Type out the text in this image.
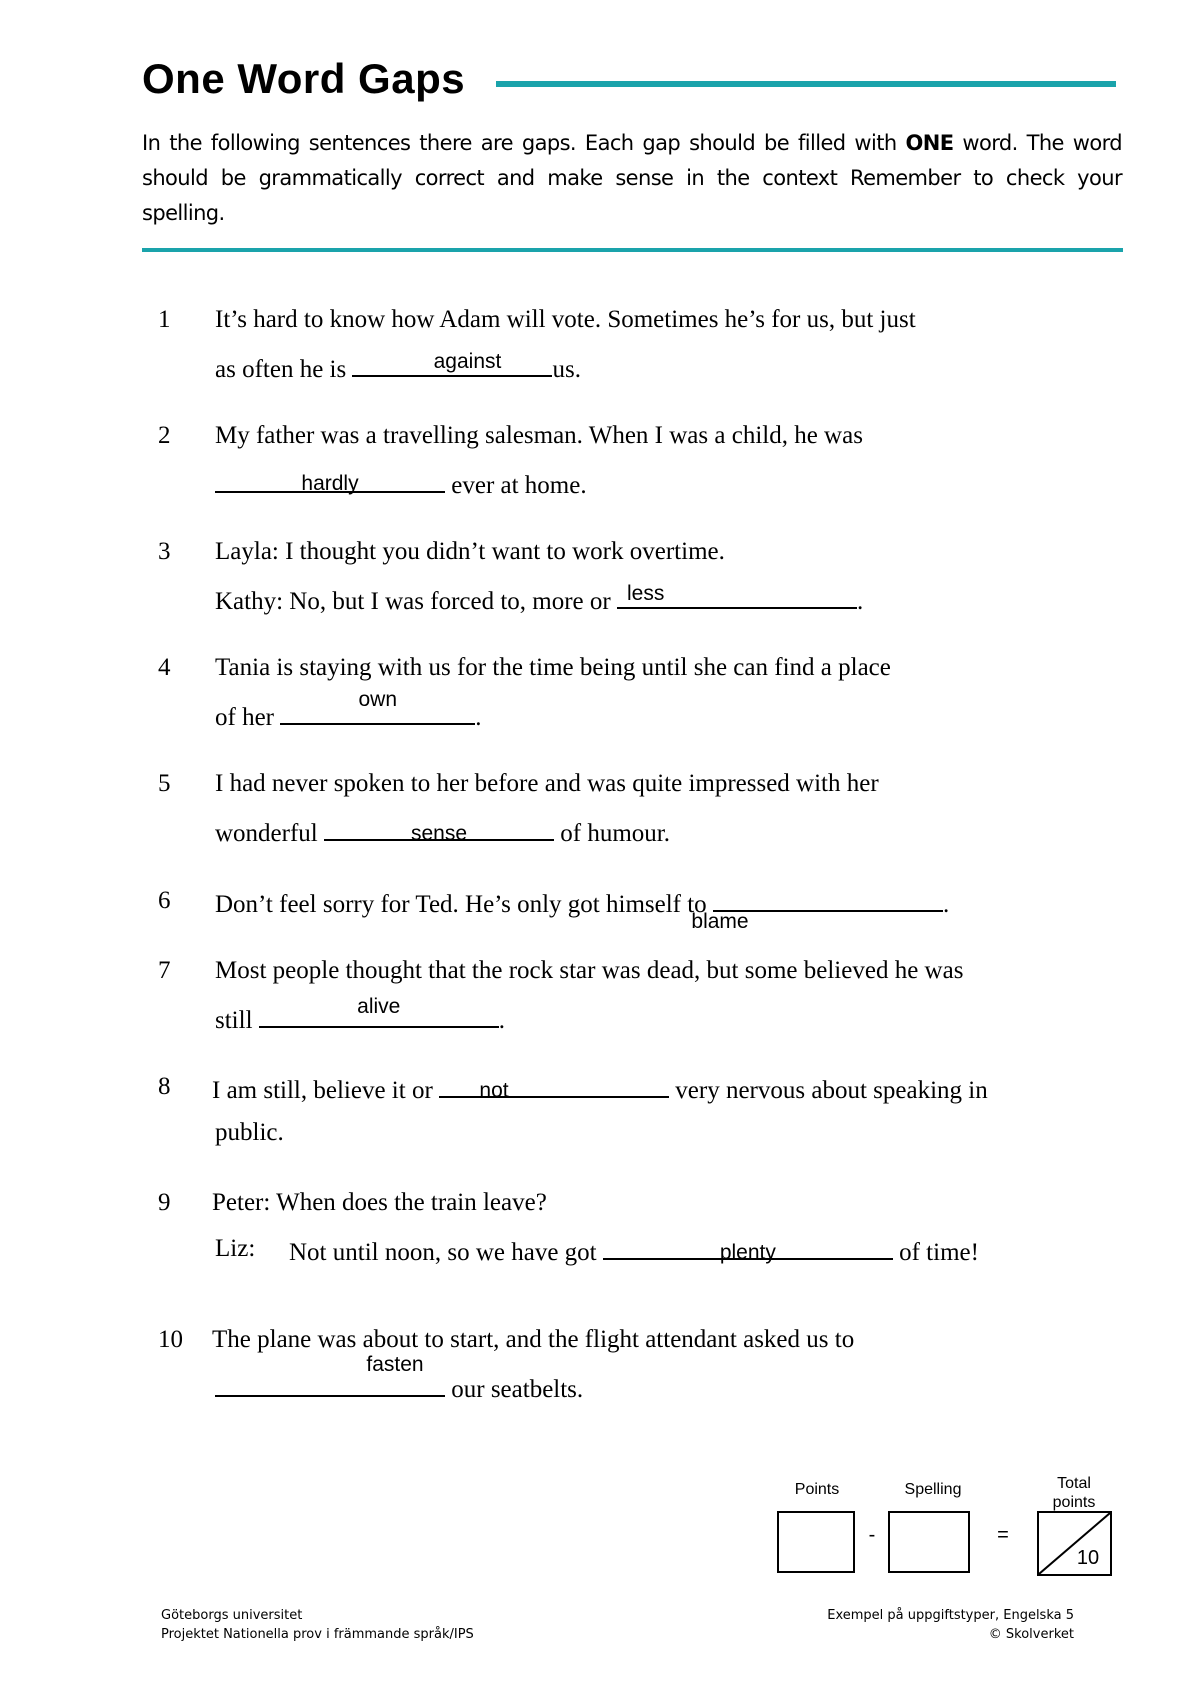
One Word Gaps
In the following sentences there are gaps. Each gap should be filled with ONE word. The word should be grammatically correct and make sense in the context Remember to check your spelling.
1	It’s hard to know how Adam will vote. Sometimes he’s for us, but just
as often he is	against	us.
2	My father was a travelling salesman. When I was a child, he was
hardly	ever at home.
3	Layla: I thought you didn’t want to work overtime.
Kathy: No, but I was forced to, more or less	.
4	Tania is staying with us for the time being until she can find a place
of her
own
.
5	I had never spoken to her before and was quite impressed with her
wonderful	sense	of humour.
6	Don’t feel sorry for Ted. He’s only got himself to	.
blame
7	Most people thought that the rock star was dead, but some believed he was
still
alive
.
8	I am still, believe it or	not	very nervous about speaking in
public.
9	Peter: When does the train leave?
Liz: Not until noon, so we have got	plenty	of time!
10	The plane was about to start, and the flight attendant asked us to
fasten
our seatbelts.
Points	Spelling	Total
points
-	=
10
Göteborgs universitet
Projektet Nationella prov i främmande språk/IPS
Exempel på uppgiftstyper, Engelska 5
© Skolverket
